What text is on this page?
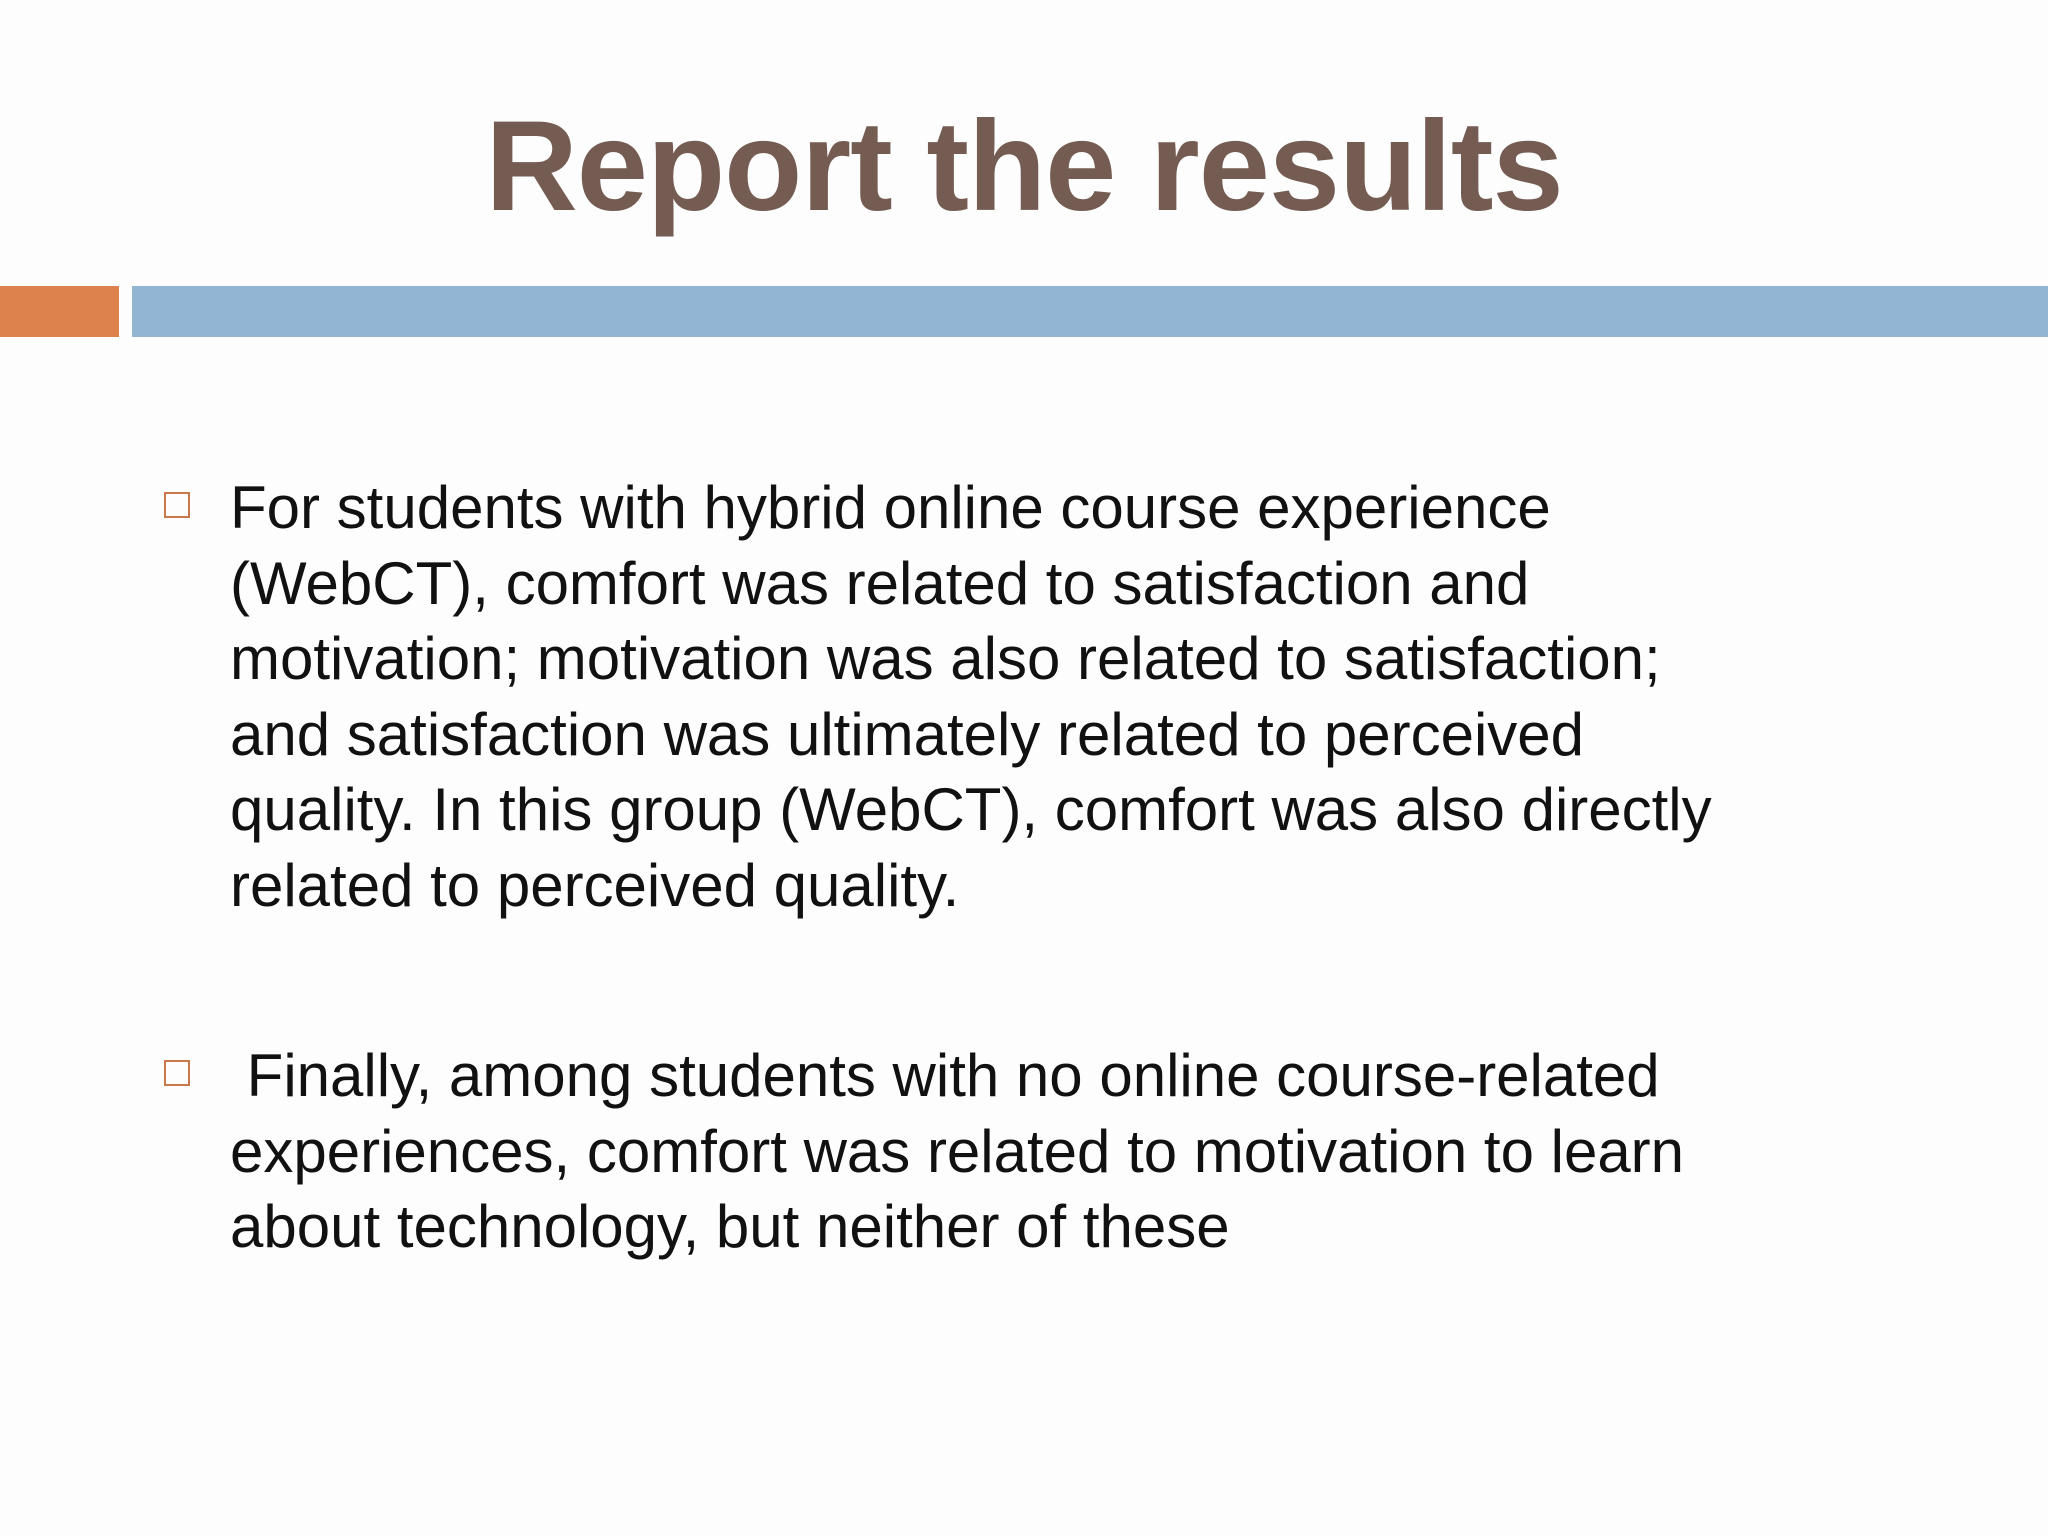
Report the results
For students with hybrid online course experience
(WebCT), comfort was related to satisfaction and
motivation; motivation was also related to satisfaction;
and satisfaction was ultimately related to perceived
quality. In this group (WebCT), comfort was also directly
related to perceived quality.
Finally, among students with no online course-related
experiences, comfort was related to motivation to learn
about technology, but neither of these
